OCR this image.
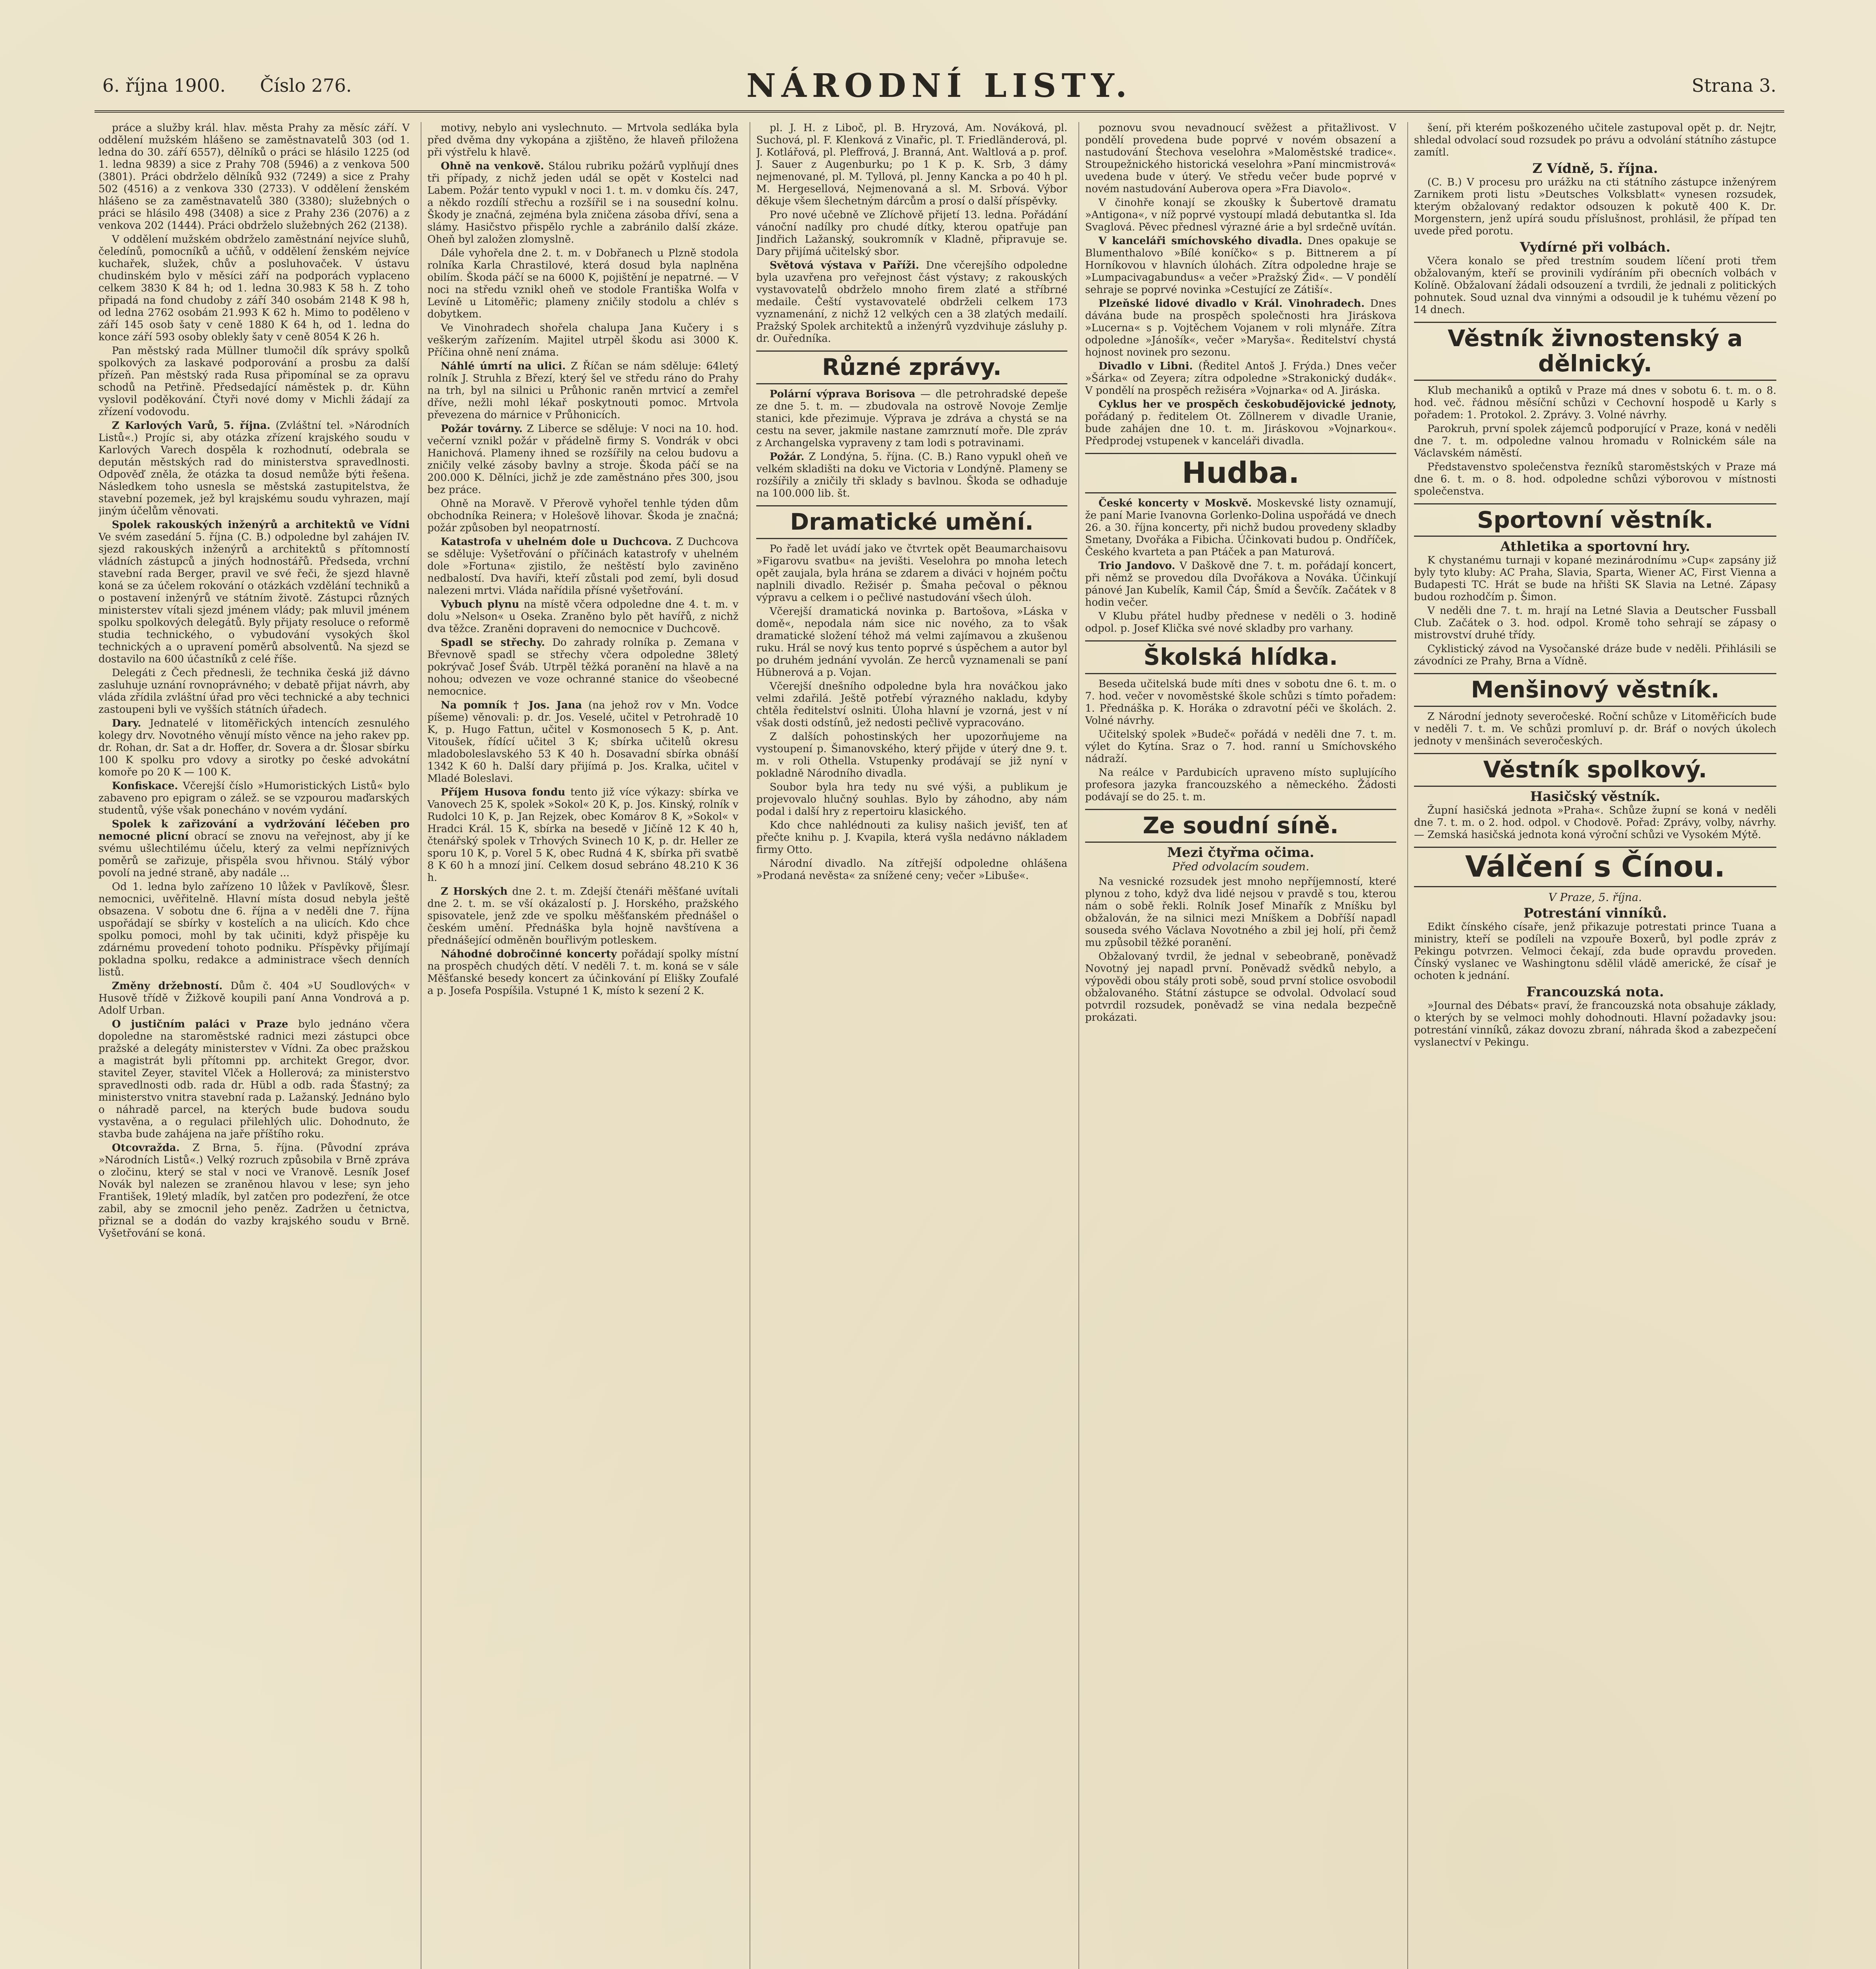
6. října 1900. Číslo 276.	NÁRODNÍ LISTY.	Strana 3.

práce a služby král. hlav. města Prahy za měsíc září. V oddělení mužském hlášeno se zaměstnavatelů 303 (od 1. ledna do 30. září 6557), dělníků o práci se hlásilo 1225 (od 1. ledna 9839) a sice z Prahy 708 (5946) a z venkova 500 (3801). Práci obdrželo dělníků 932 (7249) a sice z Prahy 502 (4516) a z venkova 330 (2733). V oddělení ženském hlášeno se za zaměstnavatelů 380 (3380); služebných o práci se hlásilo 498 (3408) a sice z Prahy 236 (2076) a z venkova 202 (1444). Práci obdrželo služebných 262 (2138).

V oddělení mužském obdrželo zaměstnání nejvíce sluhů, čeledínů, pomocníků a učňů, v oddělení ženském nejvíce kuchařek, služek, chův a posluhovaček. V ústavu chudinském bylo v měsíci září na podporách vyplaceno celkem 3830 K 84 h; od 1. ledna 30.983 K 58 h. Z toho připadá na fond chudoby z září 340 osobám 2148 K 98 h, od ledna 2762 osobám 21.993 K 62 h. Mimo to poděleno v září 145 osob šaty v ceně 1880 K 64 h, od 1. ledna do konce září 593 osoby oblekly šaty v ceně 8054 K 26 h.

Pan městský rada Müllner tlumočil dík správy spolků spolkových za laskavé podporování a prosbu za další přízeň. Pan městský rada Rusa připomínal se za opravu schodů na Petřině. Předsedající náměstek p. dr. Kühn vyslovil poděkování. Čtyři nové domy v Michli žádají za zřízení vodovodu.

Z Karlových Varů, 5. října. (Zvláštní tel. »Národních Listů«.) Projíc si, aby otázka zřízení krajského soudu v Karlových Varech dospěla k rozhodnutí, odebrala se depután městských rad do ministerstva spravedlnosti. Odpověď zněla, že otázka ta dosud nemůže býti řešena. Následkem toho usnesla se městská zastupitelstva, že stavební pozemek, jež byl krajskému soudu vyhrazen, mají jiným účelům věnovati.

Spolek rakouských inženýrů a architektů ve Vídni Ve svém zasedání 5. října (C. B.) odpoledne byl zahájen IV. sjezd rakouských inženýrů a architektů s přítomností vládních zástupců a jiných hodnostářů. Předseda, vrchní stavební rada Berger, pravil ve své řeči, že sjezd hlavně koná se za účelem rokování o otázkách vzdělání techniků a o postavení inženýrů ve státním životě. Zástupci různých ministerstev vítali sjezd jménem vlády; pak mluvil jménem spolku spolkových delegátů. Byly přijaty resoluce o reformě studia technického, o vybudování vysokých škol technických a o upravení poměrů absolventů. Na sjezd se dostavilo na 600 účastníků z celé říše.

Delegáti z Čech přednesli, že technika česká již dávno zasluhuje uznání rovnoprávného; v debatě přijat návrh, aby vláda zřídila zvláštní úřad pro věci technické a aby technici zastoupeni byli ve vyšších státních úřadech.

Dary. Jednatelé v litoměřických intencích zesnulého kolegy drv. Novotného věnují místo věnce na jeho rakev pp. dr. Rohan, dr. Sat a dr. Hoffer, dr. Sovera a dr. Šlosar sbírku 100 K spolku pro vdovy a sirotky po české advokátní komoře po 20 K — 100 K.

Konfiskace. Včerejší číslo »Humoristických Listů« bylo zabaveno pro epigram o zálež. se se vzpourou maďarských studentů, výše však ponecháno v novém vydání.

Spolek k zařizování a vydržování léčeben pro nemocné plicní obrací se znovu na veřejnost, aby jí ke svému ušlechtilému účelu, který za velmi nepříznivých poměrů se zařizuje, přispěla svou hřivnou. Stálý výbor povolí na jedné straně, aby nadále ...

Od 1. ledna bylo zařízeno 10 lůžek v Pavlíkově, Šlesr. nemocnici, uvěřitelně. Hlavní místa dosud nebyla ještě obsazena. V sobotu dne 6. října a v neděli dne 7. října uspořádají se sbírky v kostelích a na ulicích. Kdo chce spolku pomoci, mohl by tak učiniti, když přispěje ku zdárnému provedení tohoto podniku. Příspěvky přijímají pokladna spolku, redakce a administrace všech denních listů.

Změny držebností. Dům č. 404 »U Soudlových« v Husově třídě v Žižkově koupili paní Anna Vondrová a p. Adolf Urban.

O justičním paláci v Praze bylo jednáno včera dopoledne na staroměstské radnici mezi zástupci obce pražské a delegáty ministerstev v Vídni. Za obec pražskou a magistrát byli přítomni pp. architekt Gregor, dvor. stavitel Zeyer, stavitel Vlček a Hollerová; za ministerstvo spravedlnosti odb. rada dr. Hübl a odb. rada Šťastný; za ministerstvo vnitra stavební rada p. Lažanský. Jednáno bylo o náhradě parcel, na kterých bude budova soudu vystavěna, a o regulaci přilehlých ulic. Dohodnuto, že stavba bude zahájena na jaře příštího roku.

Otcovražda. Z Brna, 5. října. (Původní zpráva »Národních Listů«.) Velký rozruch způsobila v Brně zpráva o zločinu, který se stal v noci ve Vranově. Lesník Josef Novák byl nalezen se zraněnou hlavou v lese; syn jeho František, 19letý mladík, byl zatčen pro podezření, že otce zabil, aby se zmocnil jeho peněz. Zadržen u četnictva, přiznal se a dodán do vazby krajského soudu v Brně. Vyšetřování se koná.

motivy, nebylo ani vyslechnuto. — Mrtvola sedláka byla před dvěma dny vykopána a zjištěno, že hlaveň přiložena při výstřelu k hlavě.

Ohně na venkově. Stálou rubriku požárů vyplňují dnes tři případy, z nichž jeden udál se opět v Kostelci nad Labem. Požár tento vypukl v noci 1. t. m. v domku čís. 247, a někdo rozdílí střechu a rozšířil se i na sousední kolnu. Škody je značná, zejména byla zničena zásoba dříví, sena a slámy. Hasičstvo přispělo rychle a zabránilo další zkáze. Oheň byl založen zlomyslně.

Dále vyhořela dne 2. t. m. v Dobřanech u Plzně stodola rolníka Karla Chrastilové, která dosud byla naplněna obilím. Škoda páčí se na 6000 K, pojištění je nepatrné. — V noci na středu vznikl oheň ve stodole Františka Wolfa v Levíně u Litoměřic; plameny zničily stodolu a chlév s dobytkem.

Ve Vinohradech shořela chalupa Jana Kučery i s veškerým zařízením. Majitel utrpěl škodu asi 3000 K. Příčina ohně není známa.

Náhlé úmrtí na ulici. Z Říčan se nám sděluje: 64letý rolník J. Struhla z Březí, který šel ve středu ráno do Prahy na trh, byl na silnici u Průhonic raněn mrtvicí a zemřel dříve, nežli mohl lékař poskytnouti pomoc. Mrtvola převezena do márnice v Průhonicích.

Požár továrny. Z Liberce se sděluje: V noci na 10. hod. večerní vznikl požár v přádelně firmy S. Vondrák v obci Hanichová. Plameny ihned se rozšířily na celou budovu a zničily velké zásoby bavlny a stroje. Škoda páčí se na 200.000 K. Dělníci, jichž je zde zaměstnáno přes 300, jsou bez práce.

Ohně na Moravě. V Přerově vyhořel tenhle týden dům obchodníka Reinera; v Holešově lihovar. Škoda je značná; požár způsoben byl neopatrností.

Katastrofa v uhelném dole u Duchcova. Z Duchcova se sděluje: Vyšetřování o příčinách katastrofy v uhelném dole »Fortuna« zjistilo, že neštěstí bylo zaviněno nedbalostí. Dva havíři, kteří zůstali pod zemí, byli dosud nalezeni mrtvi. Vláda nařídila přísné vyšetřování.

Vybuch plynu na místě včera odpoledne dne 4. t. m. v dolu »Nelson« u Oseka. Zraněno bylo pět havířů, z nichž dva těžce. Zraněni dopraveni do nemocnice v Duchcově.

Spadl se střechy. Do zahrady rolníka p. Zemana v Břevnově spadl se střechy včera odpoledne 38letý pokrývač Josef Šváb. Utrpěl těžká poranění na hlavě a na nohou; odvezen ve voze ochranné stanice do všeobecné nemocnice.

Na pomník † Jos. Jana (na jehož rov v Mn. Vodce píšeme) věnovali: p. dr. Jos. Veselé, učitel v Petrohradě 10 K, p. Hugo Fattun, učitel v Kosmonosech 5 K, p. Ant. Vitoušek, řídící učitel 3 K; sbírka učitelů okresu mladoboleslavského 53 K 40 h. Dosavadní sbírka obnáší 1342 K 60 h. Další dary přijímá p. Jos. Kralka, učitel v Mladé Boleslavi.

Příjem Husova fondu tento již více výkazy: sbírka ve Vanovech 25 K, spolek »Sokol« 20 K, p. Jos. Kinský, rolník v Rudolci 10 K, p. Jan Rejzek, obec Komárov 8 K, »Sokol« v Hradci Král. 15 K, sbírka na besedě v Jičíně 12 K 40 h, čtenářský spolek v Trhových Svinech 10 K, p. dr. Heller ze sporu 10 K, p. Vorel 5 K, obec Rudná 4 K, sbírka při svatbě 8 K 60 h a mnozí jiní. Celkem dosud sebráno 48.210 K 36 h.

Z Horských dne 2. t. m. Zdejší čtenáři měšťané uvítali dne 2. t. m. se vší okázalostí p. J. Horského, pražského spisovatele, jenž zde ve spolku měšťanském přednášel o českém umění. Přednáška byla hojně navštívena a přednášející odměněn bouřlivým potleskem.

Náhodné dobročinné koncerty pořádají spolky místní na prospěch chudých dětí. V neděli 7. t. m. koná se v sále Měšťanské besedy koncert za účinkování pí Elišky Zoufalé a p. Josefa Pospíšila. Vstupné 1 K, místo k sezení 2 K.

pl. J. H. z Liboč, pl. B. Hryzová, Am. Nováková, pl. Suchová, pl. F. Klenková z Vinařic, pl. T. Friedländerová, pl. J. Kotlářová, pl. Pleffrová, J. Branná, Ant. Waltlová a p. prof. J. Sauer z Augenburku; po 1 K p. K. Srb, 3 dámy nejmenované, pl. M. Tyllová, pl. Jenny Kancka a po 40 h pl. M. Hergesellová, Nejmenovaná a sl. M. Srbová. Výbor děkuje všem šlechetným dárcům a prosí o další příspěvky.

Pro nové učebně ve Zlíchově přijetí 13. ledna. Pořádání vánoční nadílky pro chudé dítky, kterou opatřuje pan Jindřich Lažanský, soukromník v Kladně, připravuje se. Dary přijímá učitelský sbor.

Světová výstava v Paříži. Dne včerejšího odpoledne byla uzavřena pro veřejnost část výstavy; z rakouských vystavovatelů obdrželo mnoho firem zlaté a stříbrné medaile. Čeští vystavovatelé obdrželi celkem 173 vyznamenání, z nichž 12 velkých cen a 38 zlatých medailí. Pražský Spolek architektů a inženýrů vyzdvihuje zásluhy p. dr. Ouředníka.

Různé zprávy.

Polární výprava Borisova — dle petrohradské depeše ze dne 5. t. m. — zbudovala na ostrově Novoje Zemlje stanici, kde přezimuje. Výprava je zdráva a chystá se na cestu na sever, jakmile nastane zamrznutí moře. Dle zpráv z Archangelska vypraveny z tam lodi s potravinami.

Požár. Z Londýna, 5. října. (C. B.) Rano vypukl oheň ve velkém skladišti na doku ve Victoria v Londýně. Plameny se rozšířily a zničily tři sklady s bavlnou. Škoda se odhaduje na 100.000 lib. št.

Dramatické umění.

Po řadě let uvádí jako ve čtvrtek opět Beaumarchaisovu »Figarovu svatbu« na jevišti. Veselohra po mnoha letech opět zaujala, byla hrána se zdarem a diváci v hojném počtu naplnili divadlo. Režisér p. Šmaha pečoval o pěknou výpravu a celkem i o pečlivé nastudování všech úloh.

Včerejší dramatická novinka p. Bartošova, »Láska v domě«, nepodala nám sice nic nového, za to však dramatické složení téhož má velmi zajímavou a zkušenou ruku. Hrál se nový kus tento poprvé s úspěchem a autor byl po druhém jednání vyvolán. Ze herců vyznamenali se paní Hübnerová a p. Vojan.

Včerejší dnešního odpoledne byla hra nováčkou jako velmi zdařilá. Ještě potřebí výrazného nakladu, kdyby chtěla ředitelství oslniti. Úloha hlavní je vzorná, jest v ní však dosti odstínů, jež nedosti pečlivě vypracováno.

Z dalších pohostinských her upozorňujeme na vystoupení p. Šimanovského, který přijde v úterý dne 9. t. m. v roli Othella. Vstupenky prodávají se již nyní v pokladně Národního divadla.

Soubor byla hra tedy nu své výši, a publikum je projevovalo hlučný souhlas. Bylo by záhodno, aby nám podal i další hry z repertoiru klasického.

Kdo chce nahlédnouti za kulisy našich jevišť, ten ať přečte knihu p. J. Kvapila, která vyšla nedávno nákladem firmy Otto.

Národní divadlo. Na zítřejší odpoledne ohlášena »Prodaná nevěsta« za snížené ceny; večer »Libuše«.

poznovu svou nevadnoucí svěžest a přitažlivost. V pondělí provedena bude poprvé v novém obsazení a nastudování Štechova veselohra »Maloměstské tradice«. Stroupežnického historická veselohra »Paní mincmistrová« uvedena bude v úterý. Ve středu večer bude poprvé v novém nastudování Auberova opera »Fra Diavolo«.

V činohře konají se zkoušky k Šubertově dramatu »Antigona«, v níž poprvé vystoupí mladá debutantka sl. Ida Svaglová. Pěvec přednesl výrazné árie a byl srdečně uvítán.

V kanceláři smíchovského divadla. Dnes opakuje se Blumenthalovo »Bílé koníčko« s p. Bittnerem a pí Horníkovou v hlavních úlohách. Zítra odpoledne hraje se »Lumpacivagabundus« a večer »Pražský Žid«. — V pondělí sehraje se poprvé novinka »Cestující ze Zátiší«.

Plzeňské lidové divadlo v Král. Vinohradech. Dnes dávána bude na prospěch společnosti hra Jiráskova »Lucerna« s p. Vojtěchem Vojanem v roli mlynáře. Zítra odpoledne »Jánošík«, večer »Maryša«. Ředitelství chystá hojnost novinek pro sezonu.

Divadlo v Libni. (Ředitel Antoš J. Frýda.) Dnes večer »Šárka« od Zeyera; zítra odpoledne »Strakonický dudák«. V pondělí na prospěch režiséra »Vojnarka« od A. Jiráska.

Cyklus her ve prospěch českobudějovické jednoty, pořádaný p. ředitelem Ot. Zöllnerem v divadle Uranie, bude zahájen dne 10. t. m. Jiráskovou »Vojnarkou«. Předprodej vstupenek v kanceláři divadla.

Hudba.

České koncerty v Moskvě. Moskevské listy oznamují, že paní Marie Ivanovna Gorlenko-Dolina uspořádá ve dnech 26. a 30. října koncerty, při nichž budou provedeny skladby Smetany, Dvořáka a Fibicha. Účinkovati budou p. Ondříček, Českého kvarteta a pan Ptáček a pan Maturová.

Trio Jandovo. V Daškově dne 7. t. m. pořádají koncert, při němž se provedou díla Dvořákova a Nováka. Účinkují pánové Jan Kubelík, Kamil Čáp, Šmíd a Ševčík. Začátek v 8 hodin večer.

V Klubu přátel hudby přednese v neděli o 3. hodině odpol. p. Josef Klička své nové skladby pro varhany.

Školská hlídka.

Beseda učitelská bude míti dnes v sobotu dne 6. t. m. o 7. hod. večer v novoměstské škole schůzi s tímto pořadem: 1. Přednáška p. K. Horáka o zdravotní péči ve školách. 2. Volné návrhy.

Učitelský spolek »Budeč« pořádá v neděli dne 7. t. m. výlet do Kytína. Sraz o 7. hod. ranní u Smíchovského nádraží.

Na reálce v Pardubicích upraveno místo suplujícího profesora jazyka francouzského a německého. Žádosti podávají se do 25. t. m.

Ze soudní síně.
Mezi čtyřma očima.
Před odvolacím soudem.

Na vesnické rozsudek jest mnoho nepříjemností, které plynou z toho, když dva lidé nejsou v pravdě s tou, kterou nám o sobě řekli. Rolník Josef Minařík z Mníšku byl obžalován, že na silnici mezi Mníškem a Dobříší napadl souseda svého Václava Novotného a zbil jej holí, při čemž mu způsobil těžké poranění.

Obžalovaný tvrdil, že jednal v sebeobraně, poněvadž Novotný jej napadl první. Poněvadž svědků nebylo, a výpovědi obou stály proti sobě, soud první stolice osvobodil obžalovaného. Státní zástupce se odvolal. Odvolací soud potvrdil rozsudek, poněvadž se vina nedala bezpečně prokázati.

šení, při kterém poškozeného učitele zastupoval opět p. dr. Nejtr, shledal odvolací soud rozsudek po právu a odvolání státního zástupce zamítl.

Z Vídně, 5. října.

(C. B.) V procesu pro urážku na cti státního zástupce inženýrem Zarnikem proti listu »Deutsches Volksblatt« vynesen rozsudek, kterým obžalovaný redaktor odsouzen k pokutě 400 K. Dr. Morgenstern, jenž upírá soudu příslušnost, prohlásil, že případ ten uvede před porotu.

Vydírné při volbách.

Včera konalo se před trestním soudem líčení proti třem obžalovaným, kteří se provinili vydíráním při obecních volbách v Kolíně. Obžalovaní žádali odsouzení a tvrdili, že jednali z politických pohnutek. Soud uznal dva vinnými a odsoudil je k tuhému vězení po 14 dnech.

Věstník živnostenský a dělnický.

Klub mechaniků a optiků v Praze má dnes v sobotu 6. t. m. o 8. hod. več. řádnou měsíční schůzi v Cechovní hospodě u Karly s pořadem: 1. Protokol. 2. Zprávy. 3. Volné návrhy.

Parokruh, první spolek zájemců podporující v Praze, koná v neděli dne 7. t. m. odpoledne valnou hromadu v Rolnickém sále na Václavském náměstí.

Představenstvo společenstva řezníků staroměstských v Praze má dne 6. t. m. o 8. hod. odpoledne schůzi výborovou v místnosti společenstva.

Sportovní věstník.
Athletika a sportovní hry.

K chystanému turnaji v kopané mezinárodnímu »Cup« zapsány již byly tyto kluby: AC Praha, Slavia, Sparta, Wiener AC, First Vienna a Budapesti TC. Hrát se bude na hřišti SK Slavia na Letné. Zápasy budou rozhodčím p. Šimon.

V neděli dne 7. t. m. hrají na Letné Slavia a Deutscher Fussball Club. Začátek o 3. hod. odpol. Kromě toho sehrají se zápasy o mistrovství druhé třídy.

Cyklistický závod na Vysočanské dráze bude v neděli. Přihlásili se závodníci ze Prahy, Brna a Vídně.

Menšinový věstník.

Z Národní jednoty severočeské. Roční schůze v Litoměřicích bude v neděli 7. t. m. Ve schůzi promluví p. dr. Bráf o nových úkolech jednoty v menšinách severočeských.

Věstník spolkový.
Hasičský věstník.

Župní hasičská jednota »Praha«. Schůze župní se koná v neděli dne 7. t. m. o 2. hod. odpol. v Chodově. Pořad: Zprávy, volby, návrhy. — Zemská hasičská jednota koná výroční schůzi ve Vysokém Mýtě.

Válčení s Čínou.
V Praze, 5. října.
Potrestání vinníků.

Edikt čínského císaře, jenž přikazuje potrestati prince Tuana a ministry, kteří se podíleli na vzpouře Boxerů, byl podle zpráv z Pekingu potvrzen. Velmoci čekají, zda bude opravdu proveden. Čínský vyslanec ve Washingtonu sdělil vládě americké, že císař je ochoten k jednání.

Francouzská nota.

»Journal des Débats« praví, že francouzská nota obsahuje základy, o kterých by se velmoci mohly dohodnouti. Hlavní požadavky jsou: potrestání vinníků, zákaz dovozu zbraní, náhrada škod a zabezpečení vyslanectví v Pekingu.
